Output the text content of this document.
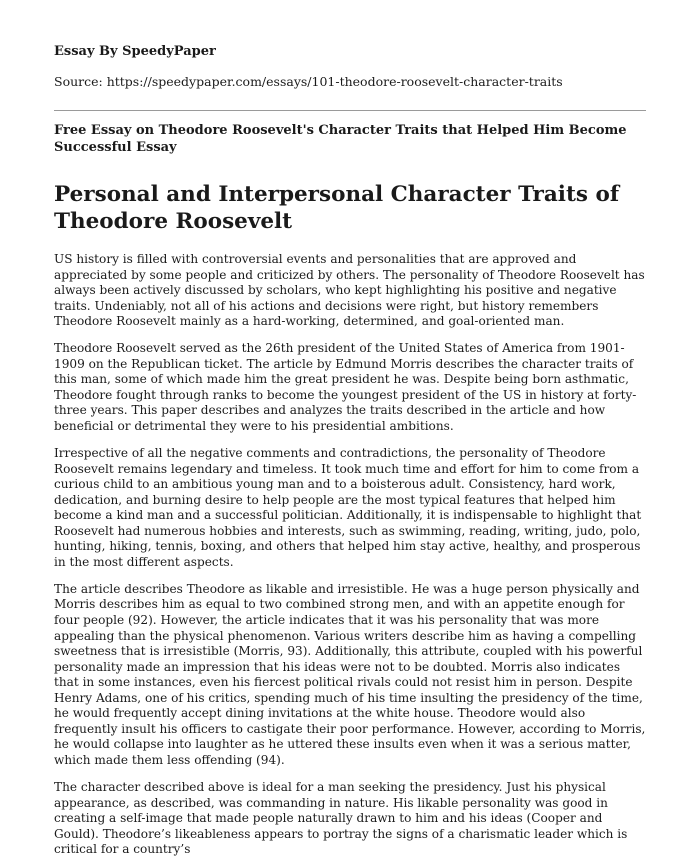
Essay By SpeedyPaper
Source: https://speedypaper.com/essays/101-theodore-roosevelt-character-traits
Free Essay on Theodore Roosevelt's Character Traits that Helped Him Become Successful Essay
Personal and Interpersonal Character Traits of Theodore Roosevelt

US history is filled with controversial events and personalities that are approved and appreciated by some people and criticized by others. The personality of Theodore Roosevelt has always been actively discussed by scholars, who kept highlighting his positive and negative traits. Undeniably, not all of his actions and decisions were right, but history remembers Theodore Roosevelt mainly as a hard-working, determined, and goal-oriented man.

Theodore Roosevelt served as the 26th president of the United States of America from 1901-1909 on the Republican ticket. The article by Edmund Morris describes the character traits of this man, some of which made him the great president he was. Despite being born asthmatic, Theodore fought through ranks to become the youngest president of the US in history at forty-three years. This paper describes and analyzes the traits described in the article and how beneficial or detrimental they were to his presidential ambitions.

Irrespective of all the negative comments and contradictions, the personality of Theodore Roosevelt remains legendary and timeless. It took much time and effort for him to come from a curious child to an ambitious young man and to a boisterous adult. Consistency, hard work, dedication, and burning desire to help people are the most typical features that helped him become a kind man and a successful politician. Additionally, it is indispensable to highlight that Roosevelt had numerous hobbies and interests, such as swimming, reading, writing, judo, polo, hunting, hiking, tennis, boxing, and others that helped him stay active, healthy, and prosperous in the most different aspects.

The article describes Theodore as likable and irresistible. He was a huge person physically and Morris describes him as equal to two combined strong men, and with an appetite enough for four people (92). However, the article indicates that it was his personality that was more appealing than the physical phenomenon. Various writers describe him as having a compelling sweetness that is irresistible (Morris, 93). Additionally, this attribute, coupled with his powerful personality made an impression that his ideas were not to be doubted. Morris also indicates that in some instances, even his fiercest political rivals could not resist him in person. Despite Henry Adams, one of his critics, spending much of his time insulting the presidency of the time, he would frequently accept dining invitations at the white house. Theodore would also frequently insult his officers to castigate their poor performance. However, according to Morris, he would collapse into laughter as he uttered these insults even when it was a serious matter, which made them less offending (94).

The character described above is ideal for a man seeking the presidency. Just his physical appearance, as described, was commanding in nature. His likable personality was good in creating a self-image that made people naturally drawn to him and his ideas (Cooper and Gould). Theodore’s likeableness appears to portray the signs of a charismatic leader which is critical for a country’s
